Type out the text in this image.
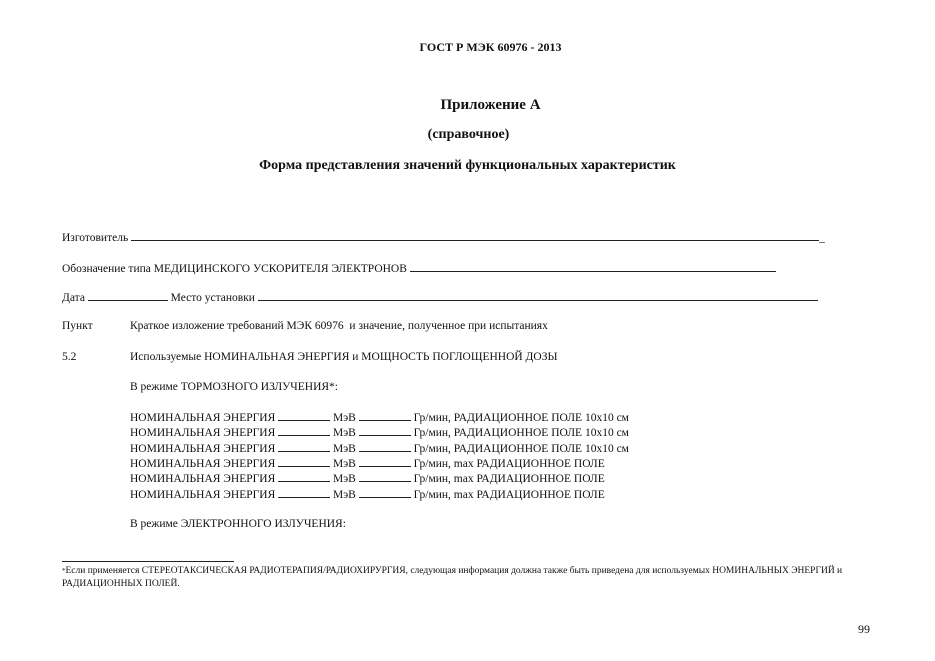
ГОСТ Р МЭК 60976 - 2013
Приложение А
(справочное)
Форма представления значений функциональных характеристик
Изготовитель	_
Обозначение типа МЕДИЦИНСКОГО УСКОРИТЕЛЯ ЭЛЕКТРОНОВ
Дата	Место установки
Пункт	Краткое изложение требований МЭК 60976  и значение, полученное при испытаниях
5.2	Используемые НОМИНАЛЬНАЯ ЭНЕРГИЯ и МОЩНОСТЬ ПОГЛОЩЕННОЙ ДОЗЫ
В режиме ТОРМОЗНОГО ИЗЛУЧЕНИЯ*:
НОМИНАЛЬНАЯ ЭНЕРГИЯ	МэВ	Гр/мин, РАДИАЦИОННОЕ ПОЛЕ 10х10 см
НОМИНАЛЬНАЯ ЭНЕРГИЯ	МэВ	Гр/мин, РАДИАЦИОННОЕ ПОЛЕ 10х10 см
НОМИНАЛЬНАЯ ЭНЕРГИЯ	МэВ	Гр/мин, РАДИАЦИОННОЕ ПОЛЕ 10х10 см
НОМИНАЛЬНАЯ ЭНЕРГИЯ	МэВ	Гр/мин, max РАДИАЦИОННОЕ ПОЛЕ
НОМИНАЛЬНАЯ ЭНЕРГИЯ	МэВ	Гр/мин, max РАДИАЦИОННОЕ ПОЛЕ
НОМИНАЛЬНАЯ ЭНЕРГИЯ	МэВ	Гр/мин, max РАДИАЦИОННОЕ ПОЛЕ
В режиме ЭЛЕКТРОННОГО ИЗЛУЧЕНИЯ:
*Если применяется СТЕРЕОТАКСИЧЕСКАЯ РАДИОТЕРАПИЯ/РАДИОХИРУРГИЯ, следующая информация должна также быть приведена для используемых НОМИНАЛЬНЫХ ЭНЕРГИЙ и РАДИАЦИОННЫХ ПОЛЕЙ.
99
